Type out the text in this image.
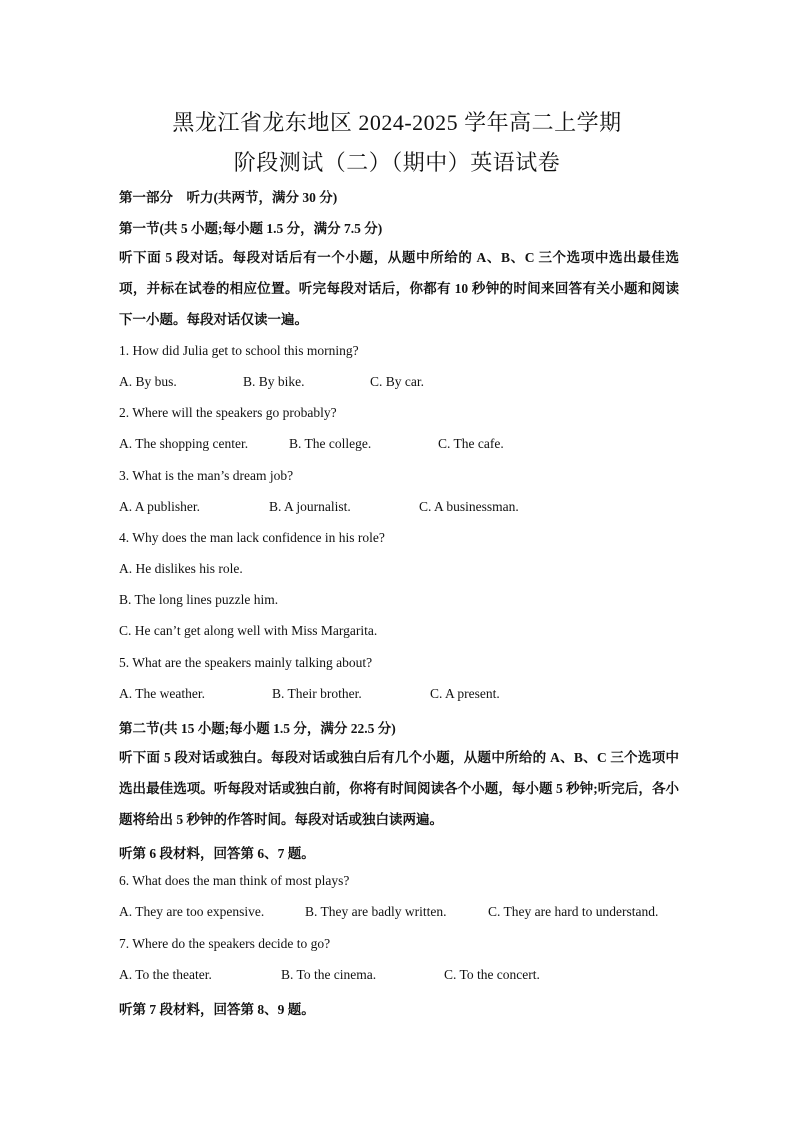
黑龙江省龙东地区 2024-2025 学年高二上学期
阶段测试（二）（期中）英语试卷
第一部分　听力(共两节，满分 30 分)
第一节(共 5 小题;每小题 1.5 分，满分 7.5 分)
听下面 5 段对话。每段对话后有一个小题，从题中所给的 A、B、C 三个选项中选出最佳选项，并标在试卷的相应位置。听完每段对话后，你都有 10 秒钟的时间来回答有关小题和阅读下一小题。每段对话仅读一遍。
1. How did Julia get to school this morning?
A. By bus.	B. By bike.	C. By car.
2. Where will the speakers go probably?
A. The shopping center.	B. The college.	C. The cafe.
3. What is the man’s dream job?
A. A publisher.	B. A journalist.	C. A businessman.
4. Why does the man lack confidence in his role?
A. He dislikes his role.
B. The long lines puzzle him.
C. He can’t get along well with Miss Margarita.
5. What are the speakers mainly talking about?
A. The weather.	B. Their brother.	C. A present.
第二节(共 15 小题;每小题 1.5 分，满分 22.5 分)
听下面 5 段对话或独白。每段对话或独白后有几个小题，从题中所给的 A、B、C 三个选项中选出最佳选项。听每段对话或独白前，你将有时间阅读各个小题，每小题 5 秒钟;听完后，各小题将给出 5 秒钟的作答时间。每段对话或独白读两遍。
听第 6 段材料，回答第 6、7 题。
6. What does the man think of most plays?
A. They are too expensive.	B. They are badly written.	C. They are hard to understand.
7. Where do the speakers decide to go?
A. To the theater.	B. To the cinema.	C. To the concert.
听第 7 段材料，回答第 8、9 题。
